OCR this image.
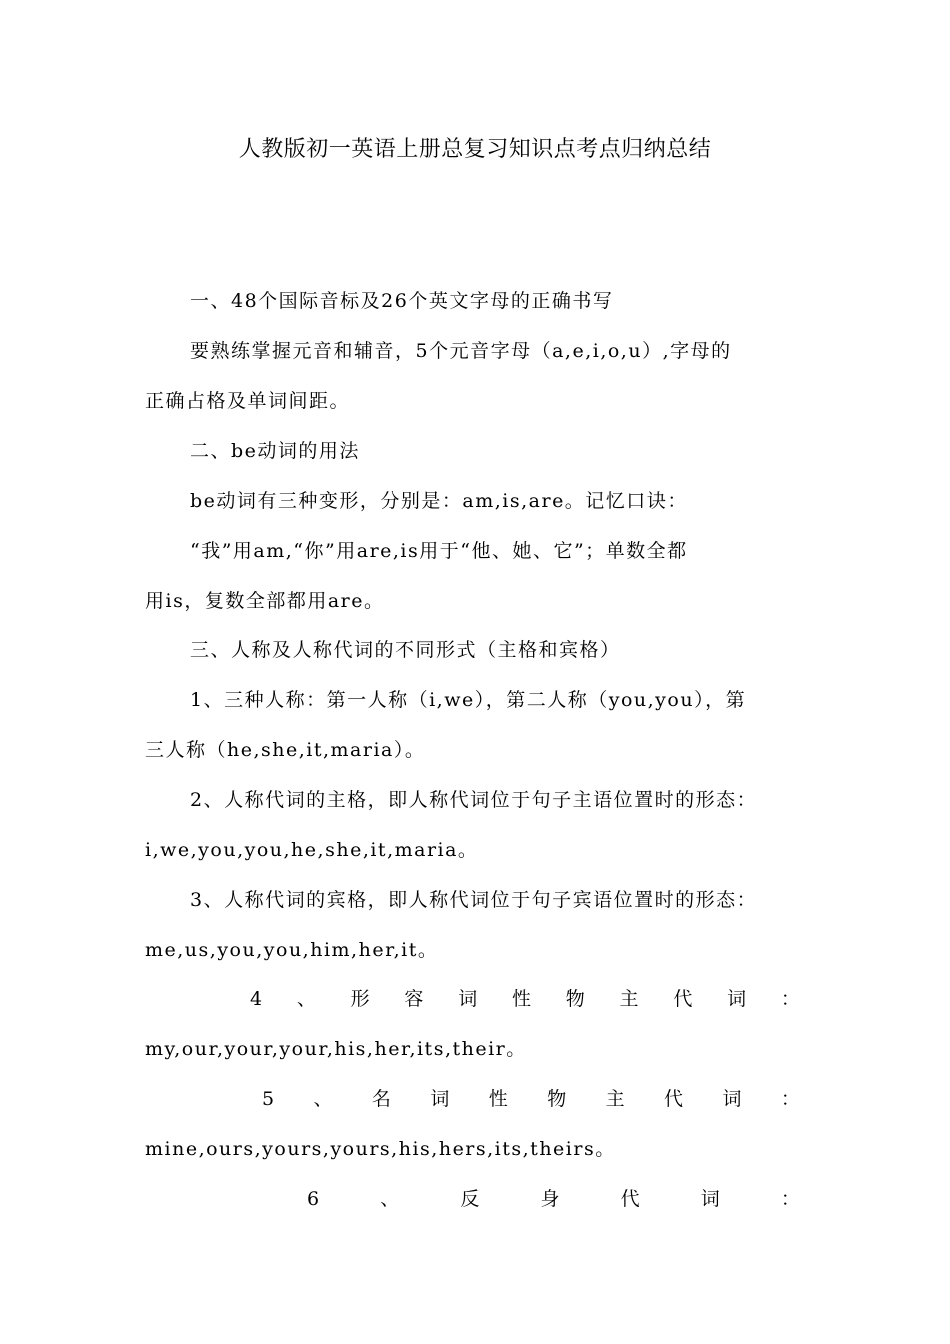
人教版初一英语上册总复习知识点考点归纳总结
一、48个国际音标及26个英文字母的正确书写
要熟练掌握元音和辅音，5个元音字母（a,e,i,o,u）,字母的
正确占格及单词间距。
二、be动词的用法
be动词有三种变形，分别是：am,is,are。记忆口诀：
“我”用am,“你”用are,is用于“他、她、它”；单数全都
用is，复数全部都用are。
三、人称及人称代词的不同形式（主格和宾格）
1、三种人称：第一人称（i,we），第二人称（you,you），第
三人称（he,she,it,maria）。
2、人称代词的主格，即人称代词位于句子主语位置时的形态：
i,we,you,you,he,she,it,maria。
3、人称代词的宾格，即人称代词位于句子宾语位置时的形态：
me,us,you,you,him,her,it。
4 、 形 容 词 性 物 主 代 词 ：
my,our,your,your,his,her,its,their。
5 、 名 词 性 物 主 代 词 ：
mine,ours,yours,yours,his,hers,its,theirs。
6	、	反	身	代	词	：
